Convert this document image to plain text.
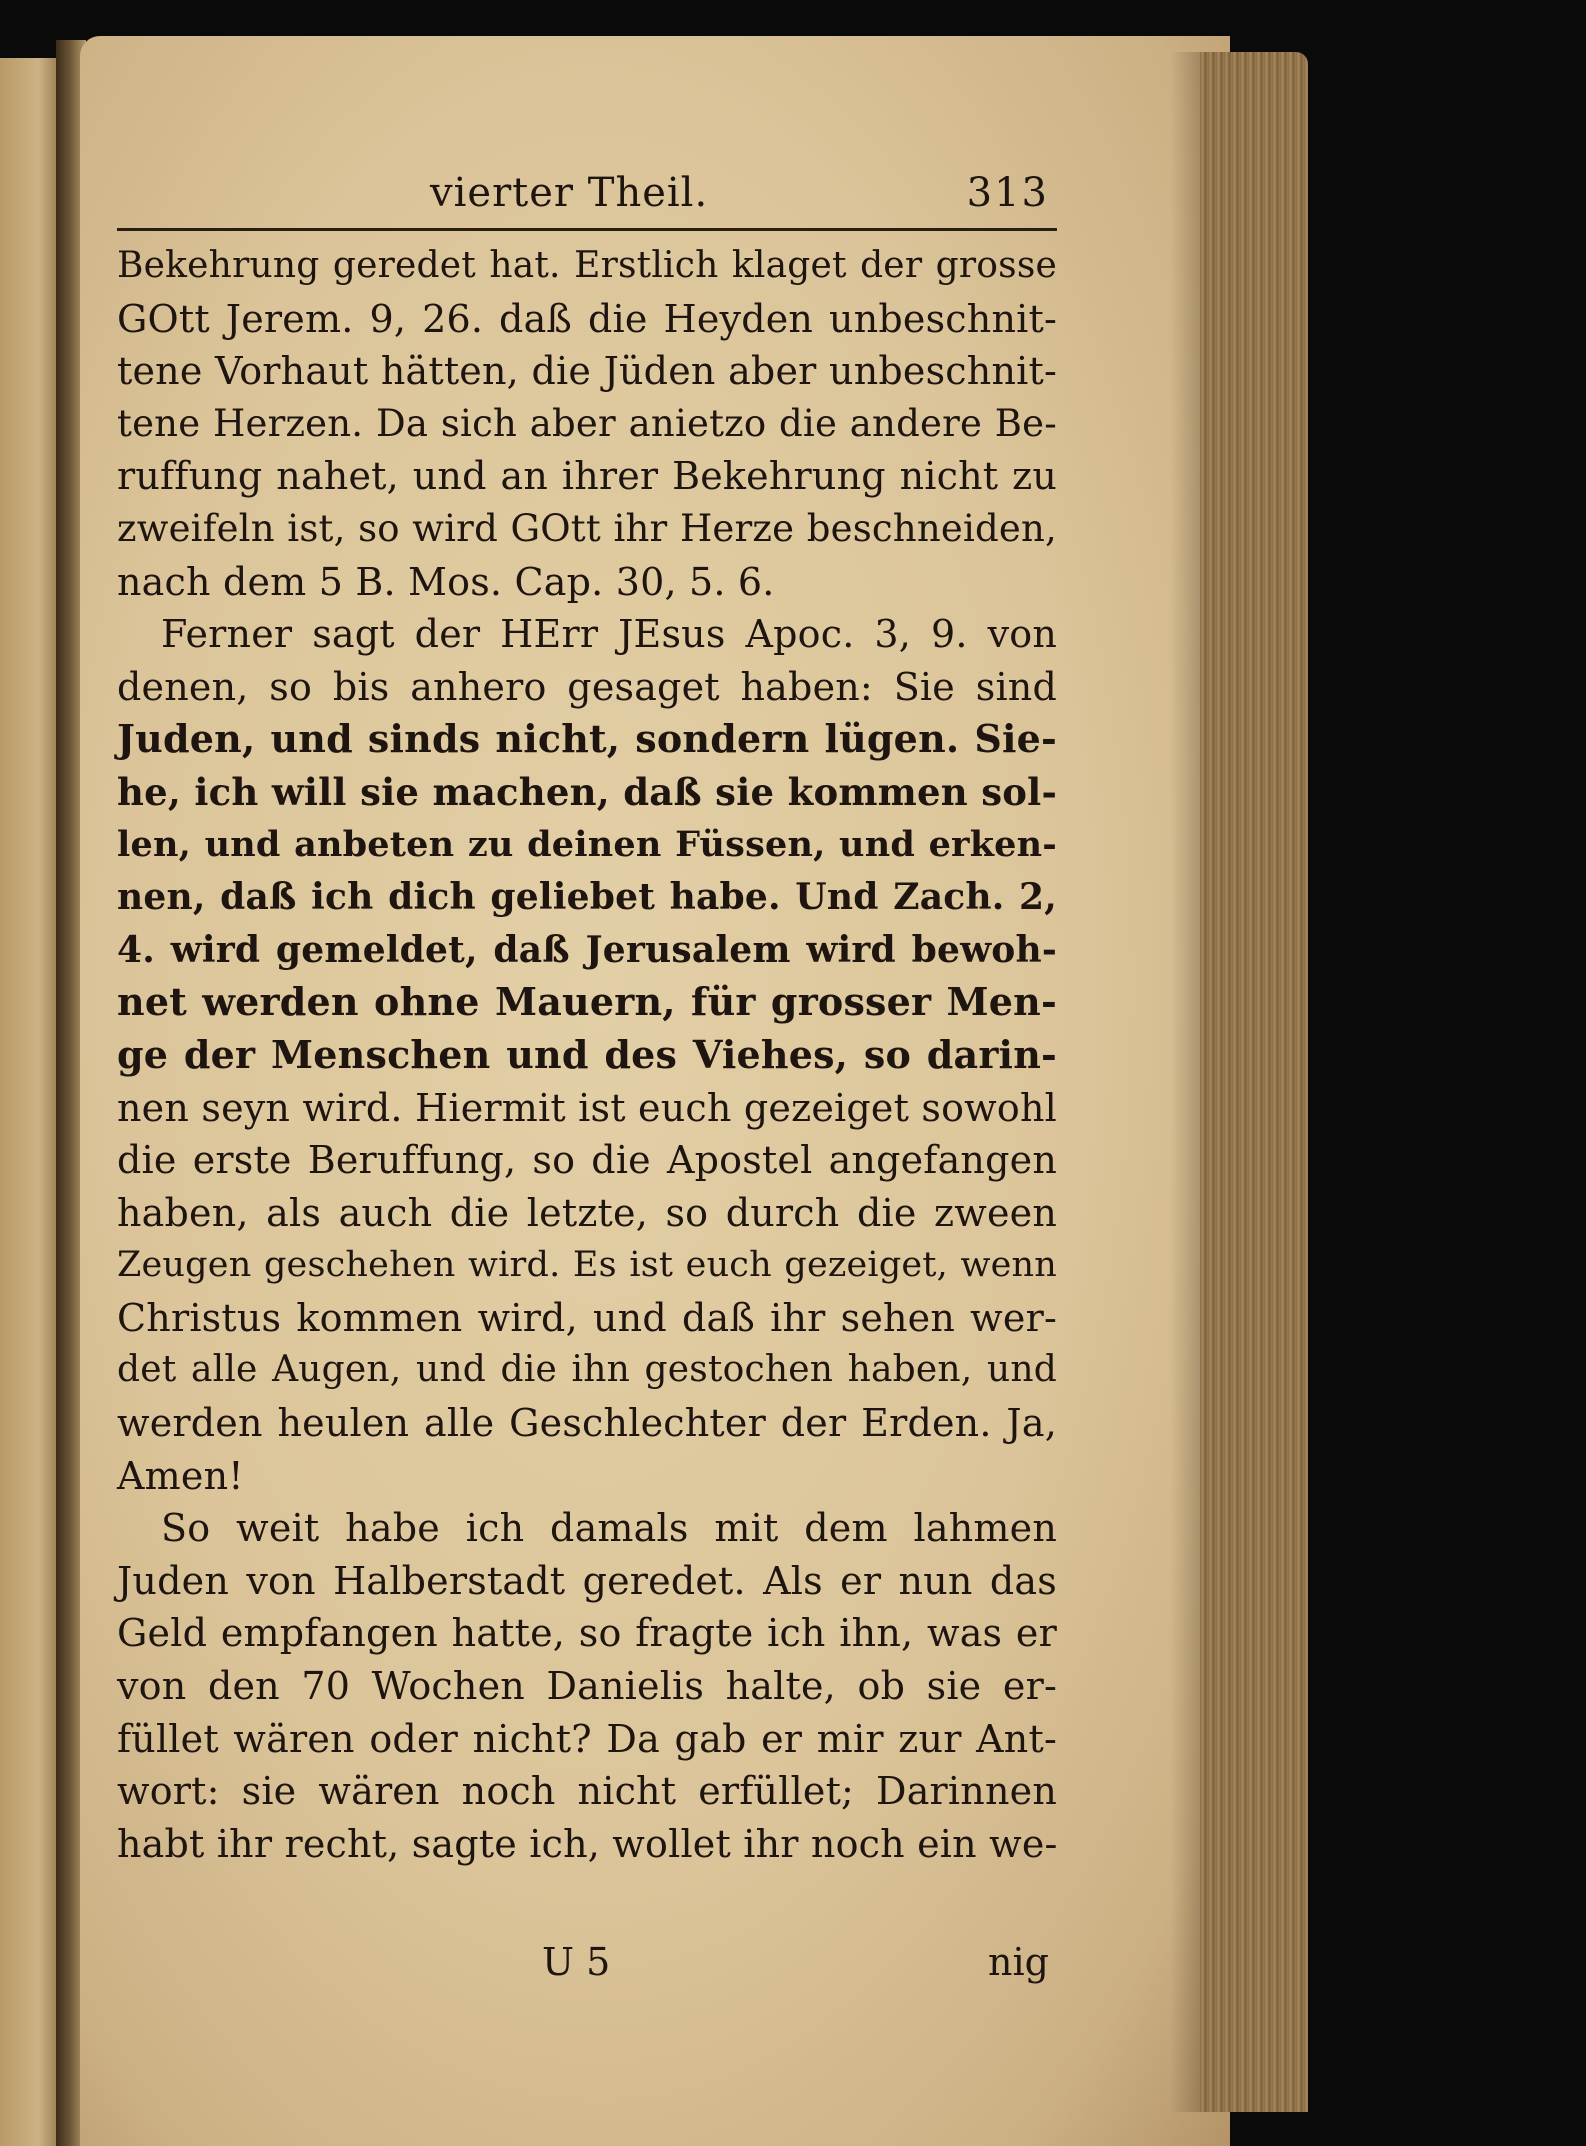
vierter Theil.	313
Bekehrung geredet hat. Erstlich klaget der grosse
GOtt Jerem. 9, 26. daß die Heyden unbeschnit-
tene Vorhaut hätten, die Jüden aber unbeschnit-
tene Herzen. Da sich aber anietzo die andere Be-
ruffung nahet, und an ihrer Bekehrung nicht zu
zweifeln ist, so wird GOtt ihr Herze beschneiden,
nach dem 5 B. Mos. Cap. 30, 5. 6.
Ferner sagt der HErr JEsus Apoc. 3, 9. von
denen, so bis anhero gesaget haben: Sie sind
Juden, und sinds nicht, sondern lügen. Sie-
he, ich will sie machen, daß sie kommen sol-
len, und anbeten zu deinen Füssen, und erken-
nen, daß ich dich geliebet habe. Und Zach. 2,
4. wird gemeldet, daß Jerusalem wird bewoh-
net werden ohne Mauern, für grosser Men-
ge der Menschen und des Viehes, so darin-
nen seyn wird. Hiermit ist euch gezeiget sowohl
die erste Beruffung, so die Apostel angefangen
haben, als auch die letzte, so durch die zween
Zeugen geschehen wird. Es ist euch gezeiget, wenn
Christus kommen wird, und daß ihr sehen wer-
det alle Augen, und die ihn gestochen haben, und
werden heulen alle Geschlechter der Erden. Ja,
Amen!
So weit habe ich damals mit dem lahmen
Juden von Halberstadt geredet. Als er nun das
Geld empfangen hatte, so fragte ich ihn, was er
von den 70 Wochen Danielis halte, ob sie er-
füllet wären oder nicht? Da gab er mir zur Ant-
wort: sie wären noch nicht erfüllet; Darinnen
habt ihr recht, sagte ich, wollet ihr noch ein we-
U 5	nig
